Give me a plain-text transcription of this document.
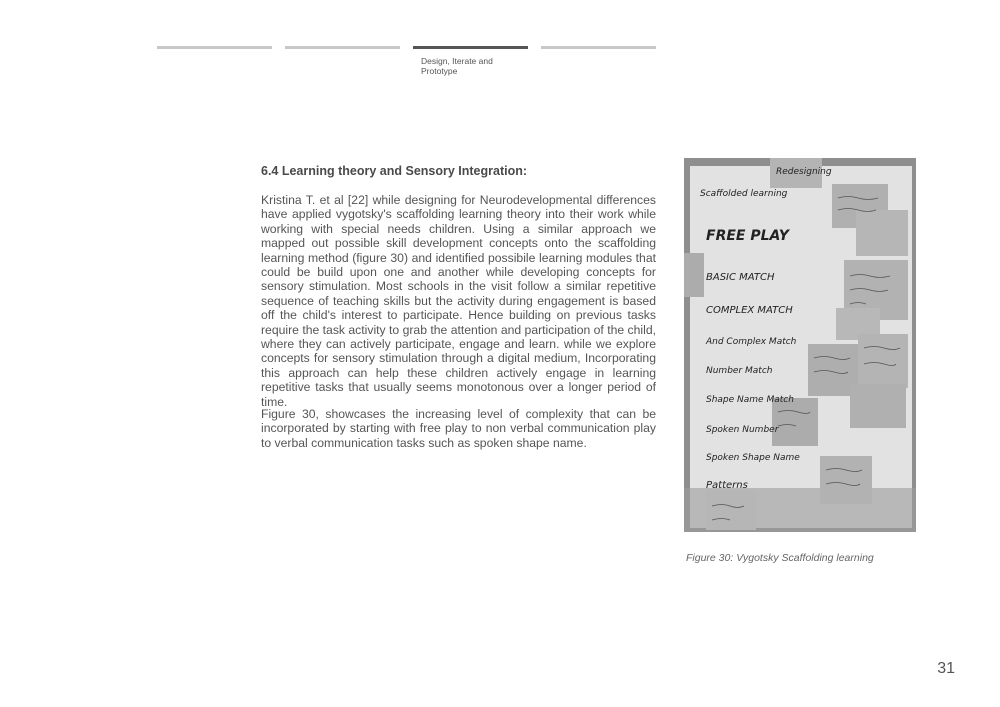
Design, Iterate and Prototype
6.4 Learning theory and Sensory Integration:

Kristina T. et al [22] while designing for Neurodevelopmental differences have applied vygotsky's scaffolding learning theory into their work while working with special needs children. Using a similar approach we mapped out possible skill development concepts onto the scaffolding learning method (figure 30) and identified possibile learning modules that could be build upon one and another while developing concepts for sensory stimulation. Most schools in the visit follow a similar repetitive sequence of teaching skills but the activity during engagement is based off the child's interest to participate. Hence building on previous tasks require the task activity to grab the attention and participation of the child, where they can actively participate, engage and learn. while we explore concepts for sensory stimulation through a digital medium, Incorporating this approach can help these children actively engage in learning repetitive tasks that usually seems monotonous over a longer period of time.

Figure 30, showcases the increasing level of complexity that can be incorporated by starting with free play to non verbal communication play to verbal communication tasks such as spoken shape name.

Redesigning
Scaffolded learning
FREE PLAY
BASIC MATCH
COMPLEX MATCH
And Complex Match
Number Match
Shape Name Match
Spoken Number
Spoken Shape Name
Patterns
Figure 30: Vygotsky Scaffolding learning
31
